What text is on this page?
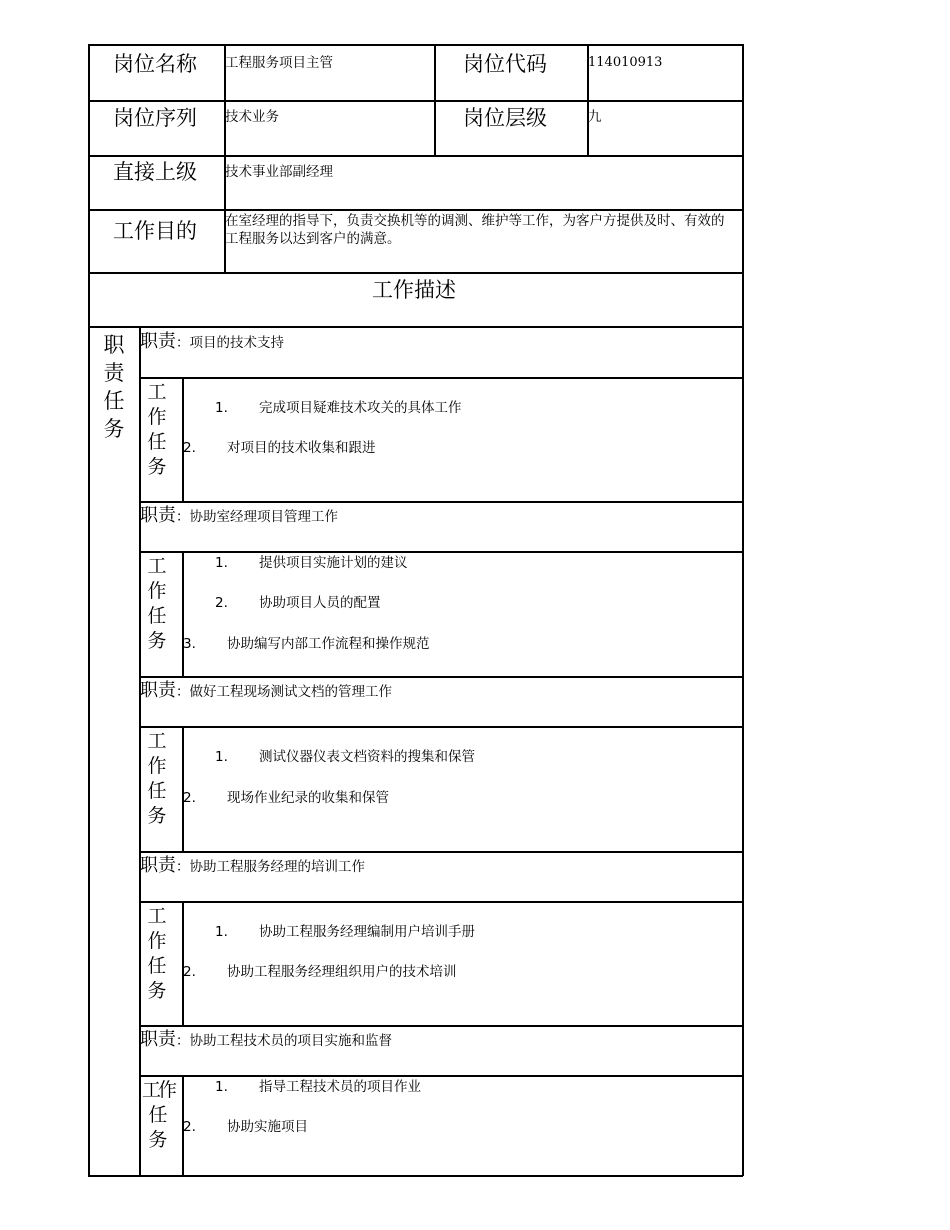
岗位名称 工程服务项目主管	岗位代码	114010913
岗位序列 技术业务	岗位层级	九
直接上级 技术事业部副经理
工作目的 在室经理的指导下，负责交换机等的调测、维护等工作，为客户方提供及时、有效的工程服务以达到客户的满意。
工作描述
职
责
任
务
职责：项目的技术支持
工
作
任
务
1. 完成项目疑难技术攻关的具体工作
2. 对项目的技术收集和跟进
职责：协助室经理项目管理工作
工
作
任
务
1. 提供项目实施计划的建议
2. 协助项目人员的配置
3. 协助编写内部工作流程和操作规范
职责：做好工程现场测试文档的管理工作
工
作
任
务
1. 测试仪器仪表文档资料的搜集和保管
2. 现场作业纪录的收集和保管
职责：协助工程服务经理的培训工作
工
作
任
务
1. 协助工程服务经理编制用户培训手册
2. 协助工程服务经理组织用户的技术培训
职责：协助工程技术员的项目实施和监督
工作
任
务
1. 指导工程技术员的项目作业
2. 协助实施项目
